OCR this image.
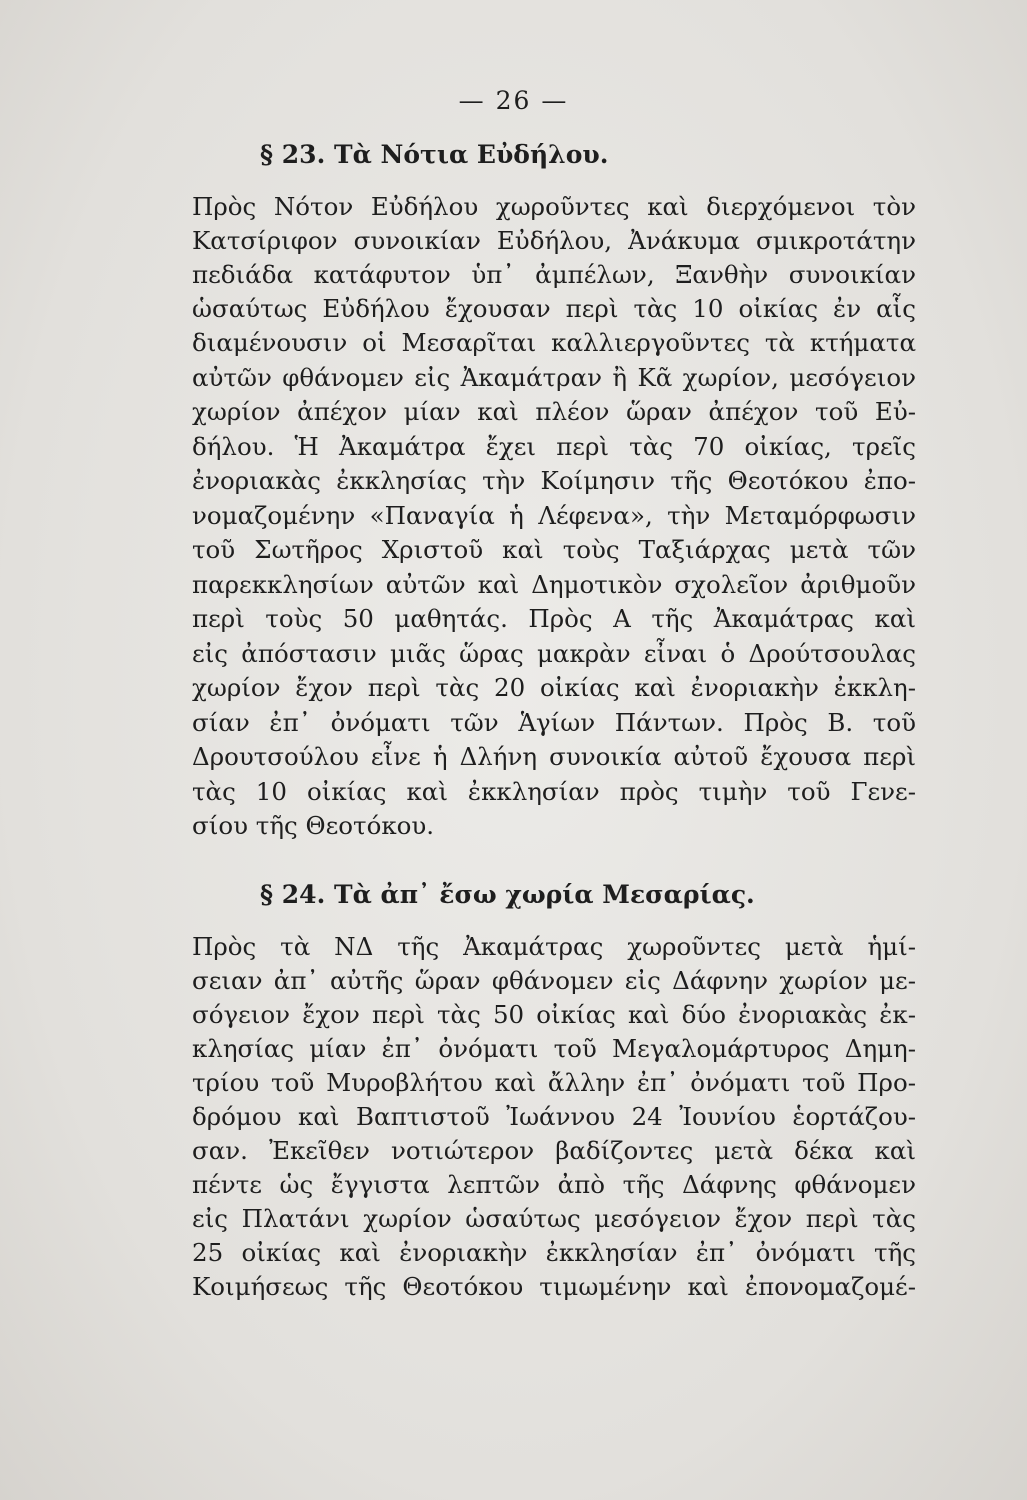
— 26 —
§ 23. Τὰ Νότια Εὐδήλου.
Πρὸς Νότον Εὐδήλου χωροῦντες καὶ διερχόμενοι τὸν
Κατσίριφον συνοικίαν Εὐδήλου, Ἀνάκυμα σμικροτάτην
πεδιάδα κατάφυτον ὑπ᾽ ἀμπέλων, Ξανθὴν συνοικίαν
ὡσαύτως Εὐδήλου ἔχουσαν περὶ τὰς 10 οἰκίας ἐν αἷς
διαμένουσιν οἱ Μεσαρῖται καλλιεργοῦντες τὰ κτήματα
αὐτῶν φθάνομεν εἰς Ἀκαμάτραν ἢ Κᾶ χωρίον, μεσόγειον
χωρίον ἀπέχον μίαν καὶ πλέον ὥραν ἀπέχον τοῦ Εὐ-
δήλου. Ἡ Ἀκαμάτρα ἔχει περὶ τὰς 70 οἰκίας, τρεῖς
ἐνοριακὰς ἐκκλησίας τὴν Κοίμησιν τῆς Θεοτόκου ἐπο-
νομαζομένην «Παναγία ἡ Λέφενα», τὴν Μεταμόρφωσιν
τοῦ Σωτῆρος Χριστοῦ καὶ τοὺς Ταξιάρχας μετὰ τῶν
παρεκκλησίων αὐτῶν καὶ Δημοτικὸν σχολεῖον ἀριθμοῦν
περὶ τοὺς 50 μαθητάς. Πρὸς Α τῆς Ἀκαμάτρας καὶ
εἰς ἀπόστασιν μιᾶς ὥρας μακρὰν εἶναι ὁ Δρούτσουλας
χωρίον ἔχον περὶ τὰς 20 οἰκίας καὶ ἐνοριακὴν ἐκκλη-
σίαν ἐπ᾽ ὀνόματι τῶν Ἁγίων Πάντων. Πρὸς Β. τοῦ
Δρουτσούλου εἶνε ἡ Δλήνη συνοικία αὐτοῦ ἔχουσα περὶ
τὰς 10 οἰκίας καὶ ἐκκλησίαν πρὸς τιμὴν τοῦ Γενε-
σίου τῆς Θεοτόκου.
§ 24. Τὰ ἀπ᾽ ἔσω χωρία Μεσαρίας.
Πρὸς τὰ ΝΔ τῆς Ἀκαμάτρας χωροῦντες μετὰ ἡμί-
σειαν ἀπ᾽ αὐτῆς ὥραν φθάνομεν εἰς Δάφνην χωρίον με-
σόγειον ἔχον περὶ τὰς 50 οἰκίας καὶ δύο ἐνοριακὰς ἐκ-
κλησίας μίαν ἐπ᾽ ὀνόματι τοῦ Μεγαλομάρτυρος Δημη-
τρίου τοῦ Μυροβλήτου καὶ ἄλλην ἐπ᾽ ὀνόματι τοῦ Προ-
δρόμου καὶ Βαπτιστοῦ Ἰωάννου 24 Ἰουνίου ἑορτάζου-
σαν. Ἐκεῖθεν νοτιώτερον βαδίζοντες μετὰ δέκα καὶ
πέντε ὡς ἔγγιστα λεπτῶν ἀπὸ τῆς Δάφνης φθάνομεν
εἰς Πλατάνι χωρίον ὡσαύτως μεσόγειον ἔχον περὶ τὰς
25 οἰκίας καὶ ἐνοριακὴν ἐκκλησίαν ἐπ᾽ ὀνόματι τῆς
Κοιμήσεως τῆς Θεοτόκου τιμωμένην καὶ ἐπονομαζομέ-
